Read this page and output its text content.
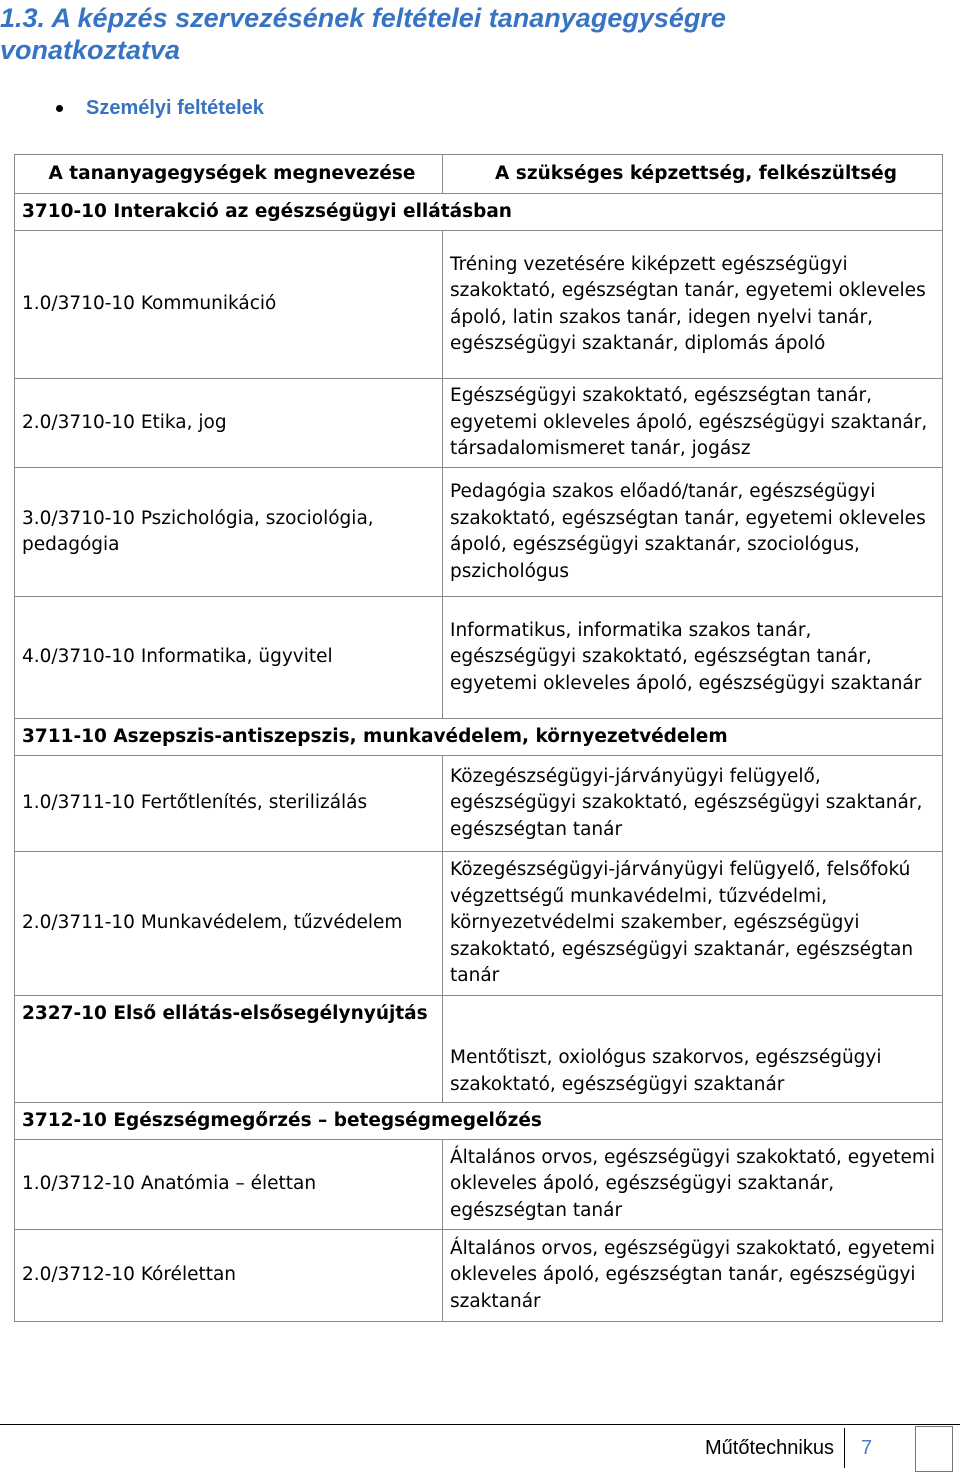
1.3. A képzés szervezésének feltételei tananyagegységre vonatkoztatva
Személyi feltételek
A tananyagegységek megnevezése	A szükséges képzettség, felkészültség
3710-10 Interakció az egészségügyi ellátásban	
1.0/3710-10 Kommunikáció	Tréning vezetésére kiképzett egészségügyi szakoktató, egészségtan tanár, egyetemi okleveles ápoló, latin szakos tanár, idegen nyelvi tanár, egészségügyi szaktanár, diplomás ápoló
2.0/3710-10 Etika, jog	Egészségügyi szakoktató, egészségtan tanár, egyetemi okleveles ápoló, egészségügyi szaktanár, társadalomismeret tanár, jogász
3.0/3710-10 Pszichológia, szociológia, pedagógia	Pedagógia szakos előadó/tanár, egészségügyi szakoktató, egészségtan tanár, egyetemi okleveles ápoló, egészségügyi szaktanár, szociológus, pszichológus
4.0/3710-10 Informatika, ügyvitel	Informatikus, informatika szakos tanár, egészségügyi szakoktató, egészségtan tanár, egyetemi okleveles ápoló, egészségügyi szaktanár
3711-10 Aszepszis-antiszepszis, munkavédelem, környezetvédelem	
1.0/3711-10 Fertőtlenítés, sterilizálás	Közegészségügyi-járványügyi felügyelő, egészségügyi szakoktató, egészségügyi szaktanár, egészségtan tanár
2.0/3711-10 Munkavédelem, tűzvédelem	Közegészségügyi-járványügyi felügyelő, felsőfokú végzettségű munkavédelmi, tűzvédelmi, környezetvédelmi szakember, egészségügyi szakoktató, egészségügyi szaktanár, egészségtan tanár
2327-10 Első ellátás-elsősegélynyújtás	Mentőtiszt, oxiológus szakorvos, egészségügyi szakoktató, egészségügyi szaktanár
3712-10 Egészségmegőrzés – betegségmegelőzés	
1.0/3712-10 Anatómia – élettan	Általános orvos, egészségügyi szakoktató, egyetemi okleveles ápoló, egészségügyi szaktanár, egészségtan tanár
2.0/3712-10 Kórélettan	Általános orvos, egészségügyi szakoktató, egyetemi okleveles ápoló, egészségtan tanár, egészségügyi szaktanár
Műtőtechnikus	7
